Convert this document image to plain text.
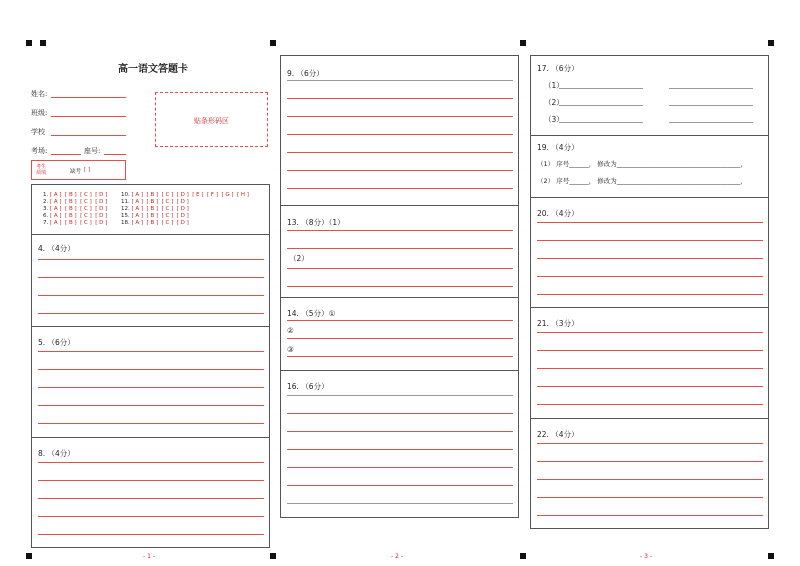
高一语文答题卡
姓名:
班级:
学校
考场:	座号:
贴条形码区
考生
须填	缺考 [ ]
1. [ A ]  [ B ]  [ C ]  [ D ]
2. [ A ]  [ B ]  [ C ]  [ D ]
3. [ A ]  [ B ]  [ C ]  [ D ]
6. [ A ]  [ B ]  [ C ]  [ D ]
7. [ A ]  [ B ]  [ C ]  [ D ]
10. [ A ]  [ B ]  [ C ]  [ D ]  [ E ]  [ F ]  [ G ]  [ H ]
11. [ A ]  [ B ]  [ C ]  [ D ]
12. [ A ]  [ B ]  [ C ]  [ D ]
15. [ A ]  [ B ]  [ C ]  [ D ]
18. [ A ]  [ B ]  [ C ]  [ D ]
4. （4分）
5. （6分）
8. （4分）
- 1 -
9. （6分）
13. （8分）（1）
（2）
14. （5分）①
②
③
16. （6分）
- 2 -
17. （6分）
（1）
（2）
（3）
19. （4分）
（1） 序号______， 修改为______________________________________，
（2） 序号______， 修改为______________________________________，
20. （4分）
21. （3分）
22. （4分）
- 3 -
